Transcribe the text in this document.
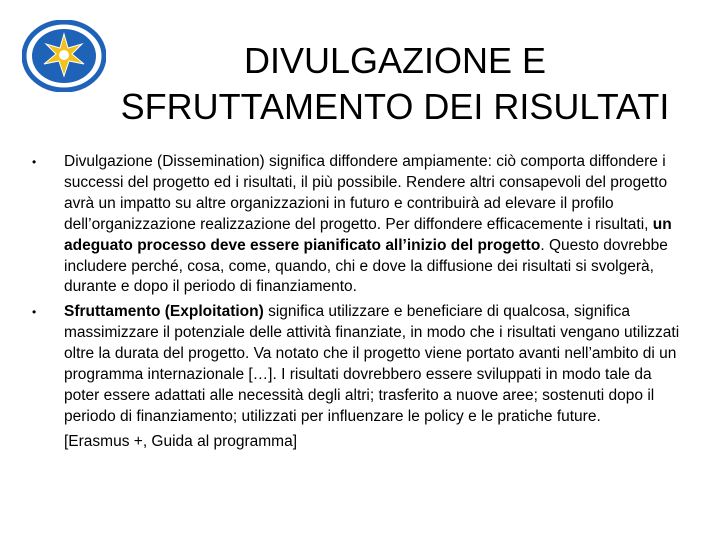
DIVULGAZIONE E
SFRUTTAMENTO DEI RISULTATI
•	Divulgazione (Dissemination) significa diffondere ampiamente: ciò comporta diffondere i successi del progetto ed i risultati, il più possibile. Rendere altri consapevoli del progetto avrà un impatto su altre organizzazioni in futuro e contribuirà ad elevare il profilo dell’organizzazione realizzazione del progetto. Per diffondere efficacemente i risultati, un adeguato processo deve essere pianificato all’inizio del progetto. Questo dovrebbe includere perché, cosa, come, quando, chi e dove la diffusione dei risultati si svolgerà, durante e dopo il periodo di finanziamento.
•	Sfruttamento (Exploitation) significa utilizzare e beneficiare di qualcosa, significa massimizzare il potenziale delle attività finanziate, in modo che i risultati vengano utilizzati oltre la durata del progetto. Va notato che il progetto viene portato avanti nell’ambito di un programma internazionale […]. I risultati dovrebbero essere sviluppati in modo tale da poter essere adattati alle necessità degli altri; trasferito a nuove aree; sostenuti dopo il periodo di finanziamento; utilizzati per influenzare le policy e le pratiche future.
[Erasmus +, Guida al programma]
